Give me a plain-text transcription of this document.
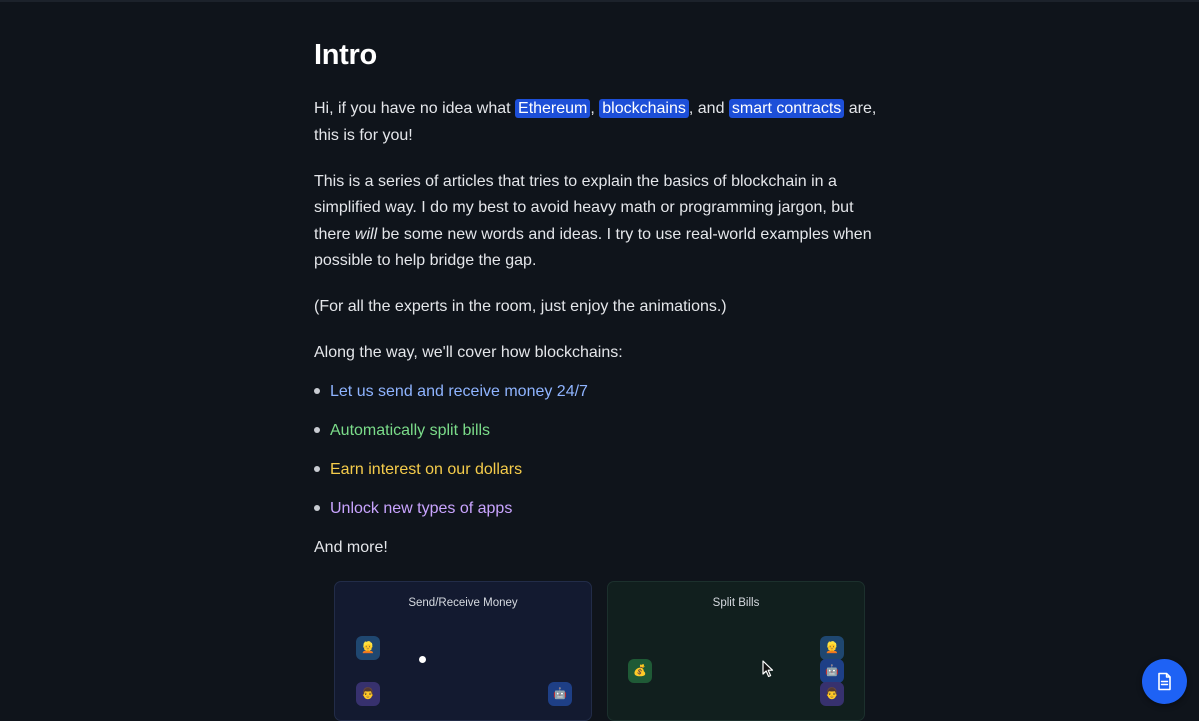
Intro

Hi, if you have no idea what Ethereum , blockchains , and smart contracts are, this is for you!

This is a series of articles that tries to explain the basics of blockchain in a simplified way. I do my best to avoid heavy math or programming jargon, but there will be some new words and ideas. I try to use real-world examples when possible to help bridge the gap.

(For all the experts in the room, just enjoy the animations.)

Along the way, we'll cover how blockchains:

Let us send and receive money 24/7
Automatically split bills
Earn interest on our dollars
Unlock new types of apps

And more!

Send/Receive Money
👱
👨	🤖
Split Bills
💰
👱
🤖
👨
